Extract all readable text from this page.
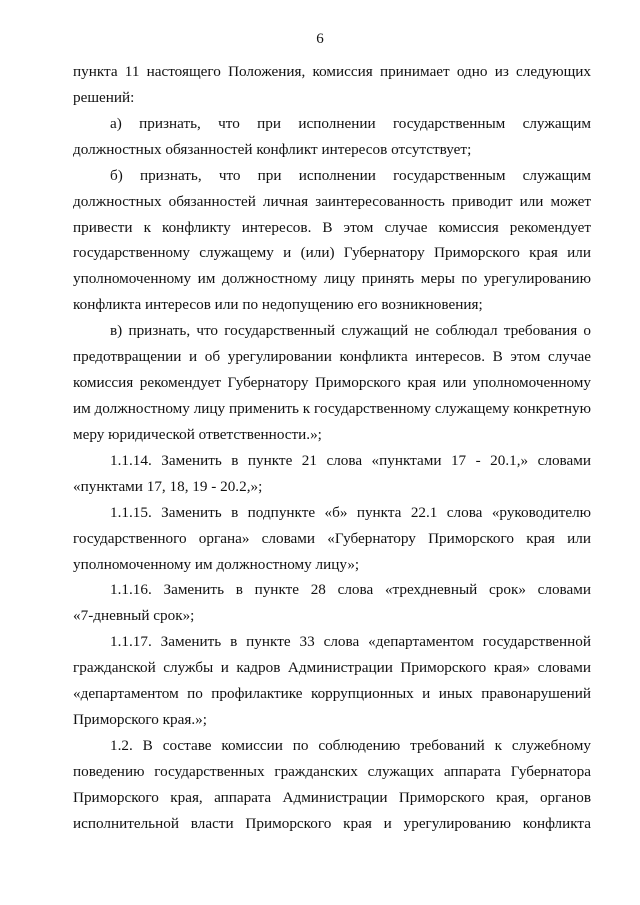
6
пункта 11 настоящего Положения, комиссия принимает одно из следующих
решений:
а) признать, что при исполнении государственным служащим
должностных обязанностей конфликт интересов отсутствует;
б) признать, что при исполнении государственным служащим
должностных обязанностей личная заинтересованность приводит или может
привести к конфликту интересов. В этом случае комиссия рекомендует
государственному служащему и (или) Губернатору Приморского края или
уполномоченному им должностному лицу принять меры по урегулированию
конфликта интересов или по недопущению его возникновения;
в) признать, что государственный служащий не соблюдал требования о
предотвращении и об урегулировании конфликта интересов. В этом случае
комиссия рекомендует Губернатору Приморского края или уполномоченному
им должностному лицу применить к государственному служащему конкретную
меру юридической ответственности.»;
1.1.14. Заменить в пункте 21 слова «пунктами 17 - 20.1,» словами
«пунктами 17, 18, 19 - 20.2,»;
1.1.15. Заменить в подпункте «б» пункта 22.1 слова «руководителю
государственного органа» словами «Губернатору Приморского края или
уполномоченному им должностному лицу»;
1.1.16. Заменить в пункте 28 слова «трехдневный срок» словами
«7-дневный срок»;
1.1.17. Заменить в пункте 33 слова «департаментом государственной
гражданской службы и кадров Администрации Приморского края» словами
«департаментом по профилактике коррупционных и иных правонарушений
Приморского края.»;
1.2. В составе комиссии по соблюдению требований к служебному
поведению государственных гражданских служащих аппарата Губернатора
Приморского края, аппарата Администрации Приморского края, органов
исполнительной власти Приморского края и урегулированию конфликта
